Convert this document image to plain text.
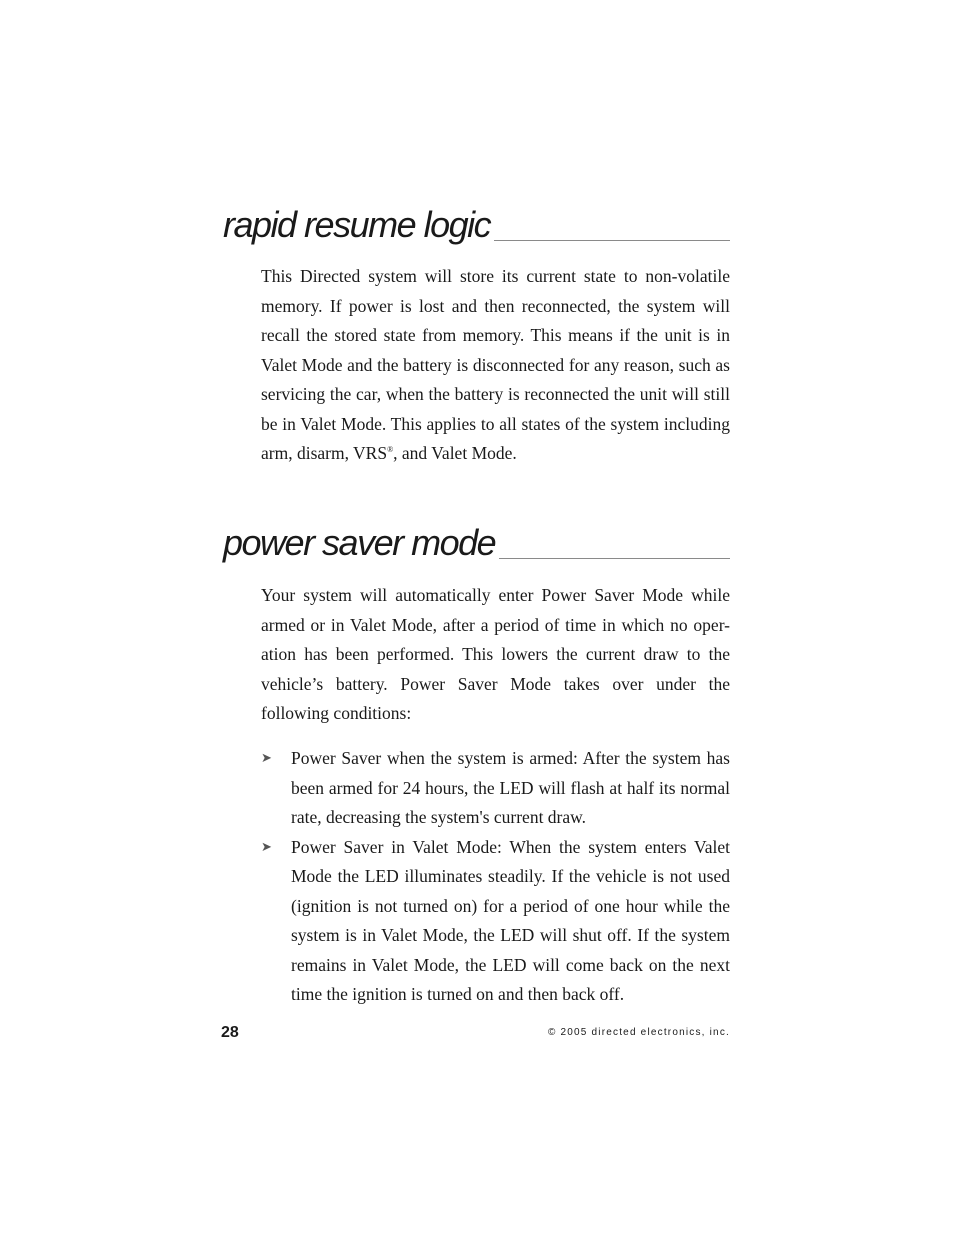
rapid resume logic

This Directed system will store its current state to non-volatile memory. If power is lost and then reconnected, the system will recall the stored state from memory. This means if the unit is in Valet Mode and the battery is disconnected for any reason, such as servicing the car, when the battery is reconnected the unit will still be in Valet Mode. This applies to all states of the system including arm, disarm, VRS®, and Valet Mode.

power saver mode

Your system will automatically enter Power Saver Mode while armed or in Valet Mode, after a period of time in which no oper-ation has been performed. This lowers the current draw to the vehicle’s battery. Power Saver Mode takes over under the following conditions:

➤ Power Saver when the system is armed: After the system has been armed for 24 hours, the LED will flash at half its normal rate, decreasing the system's current draw.
➤ Power Saver in Valet Mode: When the system enters Valet Mode the LED illuminates steadily. If the vehicle is not used (ignition is not turned on) for a period of one hour while the system is in Valet Mode, the LED will shut off. If the system remains in Valet Mode, the LED will come back on the next time the ignition is turned on and then back off.
28	© 2005 directed electronics, inc.
